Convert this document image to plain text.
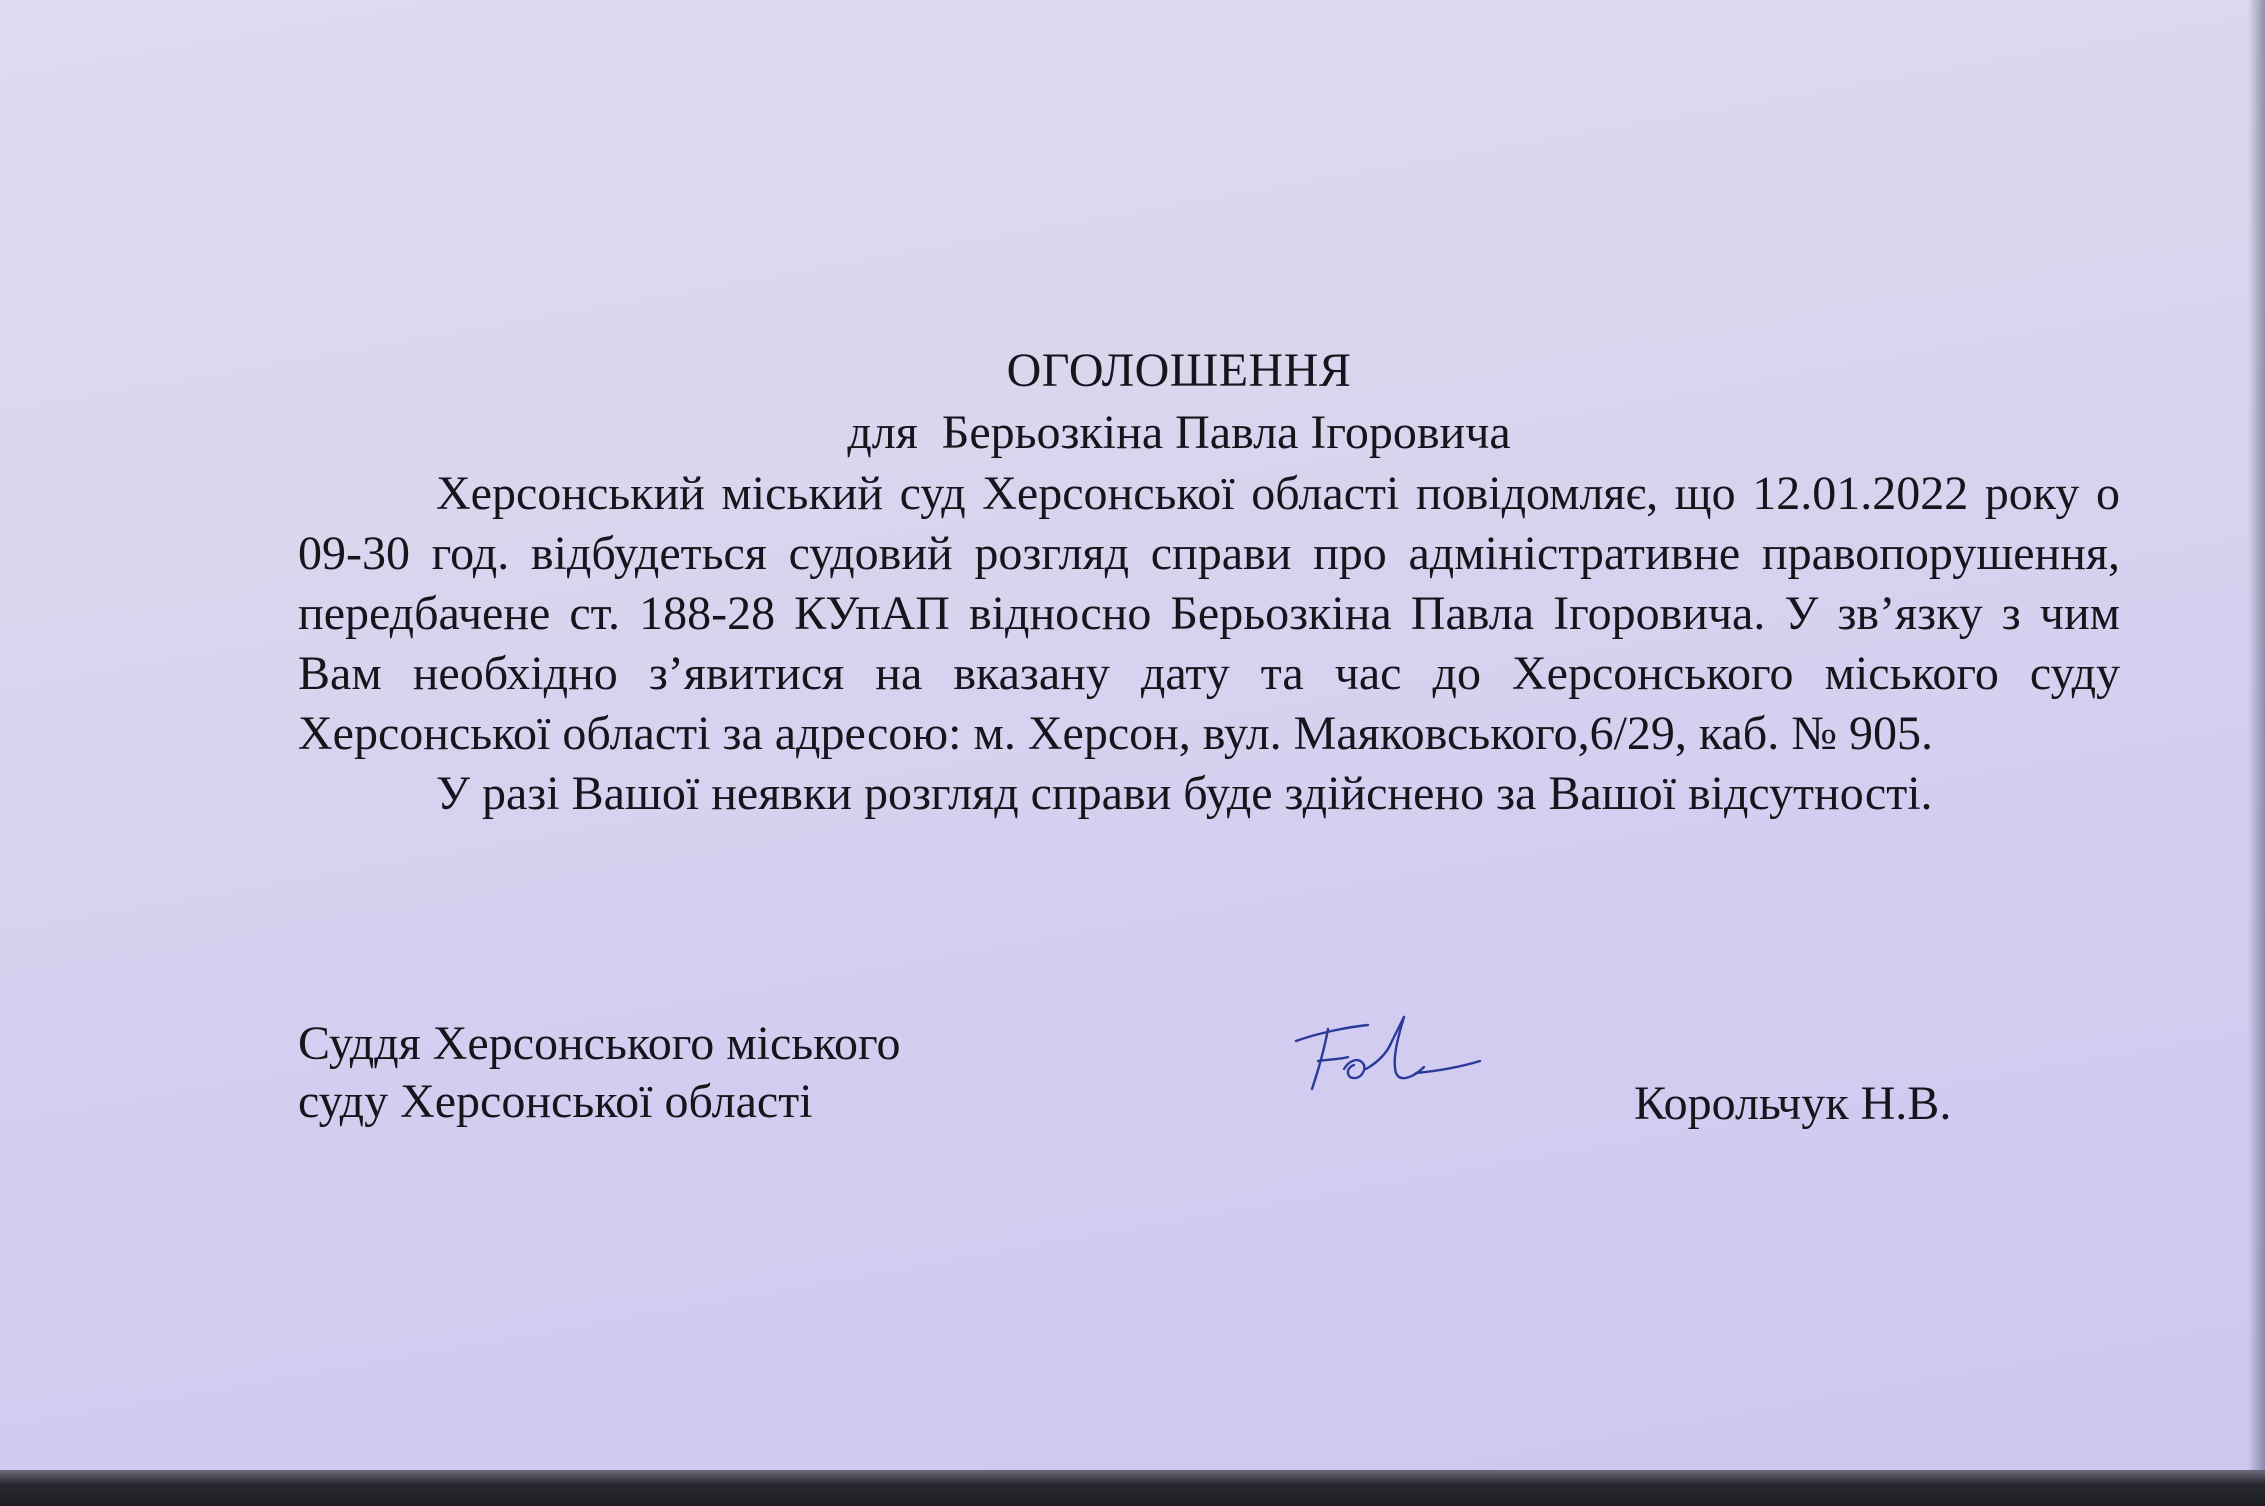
ОГОЛОШЕННЯ
для  Берьозкіна Павла Ігоровича

Херсонський міський суд Херсонської області повідомляє, що 12.01.2022 року о 09-30 год. відбудеться судовий розгляд справи про адміністративне правопорушення, передбачене ст. 188-28 КУпАП відносно Берьозкіна Павла Ігоровича. У зв’язку з чим Вам необхідно з’явитися на вказану дату та час до Херсонського міського суду Херсонської області за адресою: м. Херсон, вул. Маяковського,6/29, каб. № 905.

У разі Вашої неявки розгляд справи буде здійснено за Вашої відсутності.

Суддя Херсонського міського
суду Херсонської області	Корольчук Н.В.
